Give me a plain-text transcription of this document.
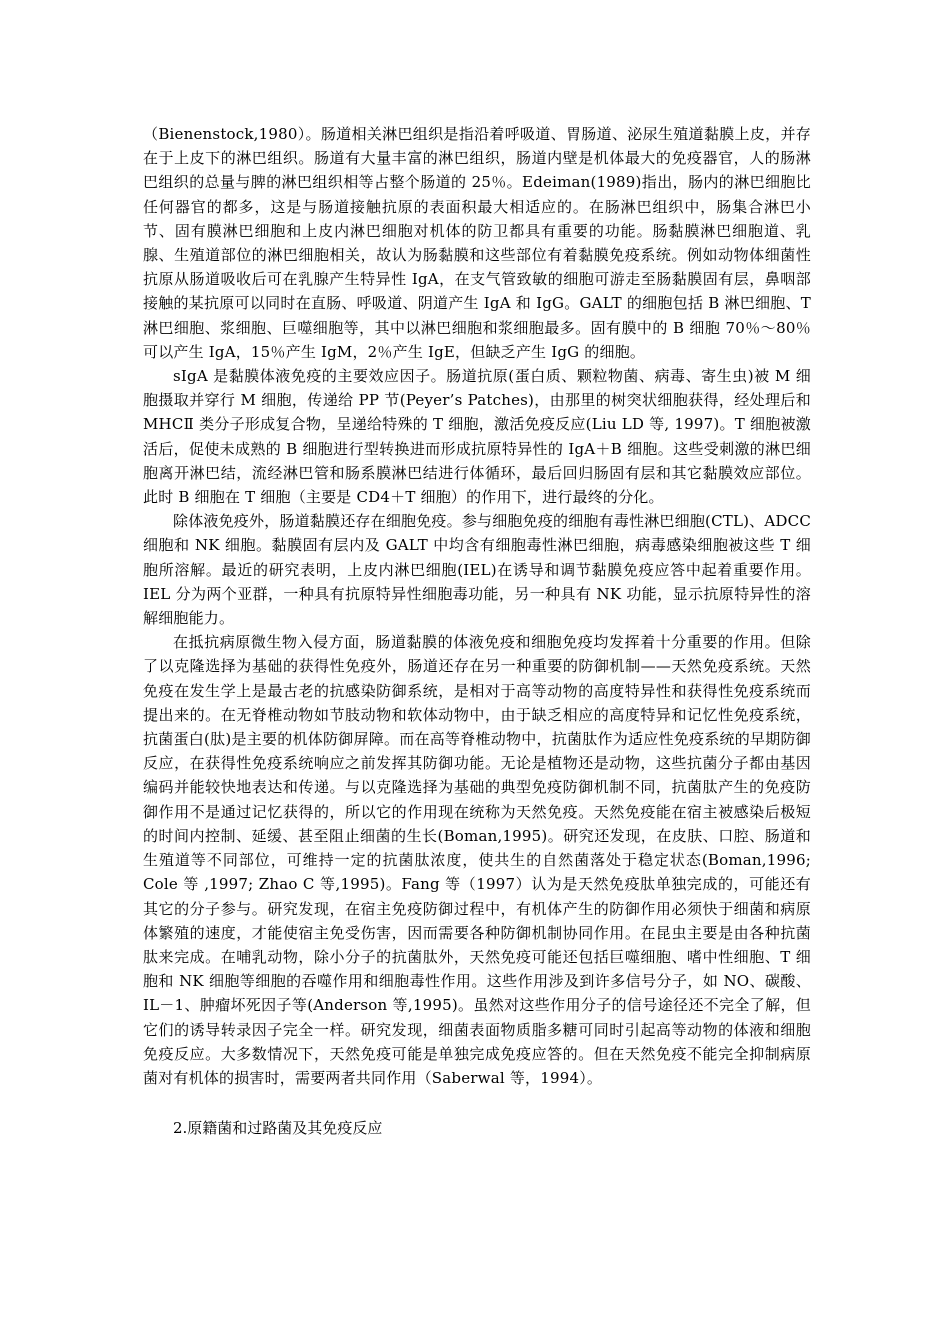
（Bienenstock,1980）。肠道相关淋巴组织是指沿着呼吸道、胃肠道、泌尿生殖道黏膜上皮，并存在于上皮下的淋巴组织。肠道有大量丰富的淋巴组织，肠道内壁是机体最大的免疫器官，人的肠淋巴组织的总量与脾的淋巴组织相等占整个肠道的 25％。Edeiman(1989)指出，肠内的淋巴细胞比任何器官的都多，这是与肠道接触抗原的表面积最大相适应的。在肠淋巴组织中，肠集合淋巴小节、固有膜淋巴细胞和上皮内淋巴细胞对机体的防卫都具有重要的功能。肠黏膜淋巴细胞道、乳腺、生殖道部位的淋巴细胞相关，故认为肠黏膜和这些部位有着黏膜免疫系统。例如动物体细菌性抗原从肠道吸收后可在乳腺产生特异性 IgA，在支气管致敏的细胞可游走至肠黏膜固有层，鼻咽部接触的某抗原可以同时在直肠、呼吸道、阴道产生 IgA 和 IgG。GALT 的细胞包括 B 淋巴细胞、T 淋巴细胞、浆细胞、巨噬细胞等，其中以淋巴细胞和浆细胞最多。固有膜中的 B 细胞 70％～80％可以产生 IgA，15％产生 IgM，2％产生 IgE，但缺乏产生 IgG 的细胞。

sIgA 是黏膜体液免疫的主要效应因子。肠道抗原(蛋白质、颗粒物菌、病毒、寄生虫)被 M 细胞摄取并穿行 M 细胞，传递给 PP 节(Peyer’s Patches)，由那里的树突状细胞获得，经处理后和 MHCⅡ 类分子形成复合物，呈递给特殊的 T 细胞，激活免疫反应(Liu LD 等, 1997)。T 细胞被激活后，促使未成熟的 B 细胞进行型转换进而形成抗原特异性的 IgA＋B 细胞。这些受刺激的淋巴细胞离开淋巴结，流经淋巴管和肠系膜淋巴结进行体循环，最后回归肠固有层和其它黏膜效应部位。此时 B 细胞在 T 细胞（主要是 CD4＋T 细胞）的作用下，进行最终的分化。

除体液免疫外，肠道黏膜还存在细胞免疫。参与细胞免疫的细胞有毒性淋巴细胞(CTL)、ADCC 细胞和 NK 细胞。黏膜固有层内及 GALT 中均含有细胞毒性淋巴细胞，病毒感染细胞被这些 T 细胞所溶解。最近的研究表明，上皮内淋巴细胞(IEL)在诱导和调节黏膜免疫应答中起着重要作用。IEL 分为两个亚群，一种具有抗原特异性细胞毒功能，另一种具有 NK 功能，显示抗原特异性的溶解细胞能力。

在抵抗病原微生物入侵方面，肠道黏膜的体液免疫和细胞免疫均发挥着十分重要的作用。但除了以克隆选择为基础的获得性免疫外，肠道还存在另一种重要的防御机制——天然免疫系统。天然免疫在发生学上是最古老的抗感染防御系统，是相对于高等动物的高度特异性和获得性免疫系统而提出来的。在无脊椎动物如节肢动物和软体动物中，由于缺乏相应的高度特异和记忆性免疫系统，抗菌蛋白(肽)是主要的机体防御屏障。而在高等脊椎动物中，抗菌肽作为适应性免疫系统的早期防御反应，在获得性免疫系统响应之前发挥其防御功能。无论是植物还是动物，这些抗菌分子都由基因编码并能较快地表达和传递。与以克隆选择为基础的典型免疫防御机制不同，抗菌肽产生的免疫防御作用不是通过记忆获得的，所以它的作用现在统称为天然免疫。天然免疫能在宿主被感染后极短的时间内控制、延缓、甚至阻止细菌的生长(Boman,1995)。研究还发现，在皮肤、口腔、肠道和生殖道等不同部位，可维持一定的抗菌肽浓度，使共生的自然菌落处于稳定状态(Boman,1996; Cole 等 ,1997; Zhao C 等,1995)。Fang 等（1997）认为是天然免疫肽单独完成的，可能还有其它的分子参与。研究发现，在宿主免疫防御过程中，有机体产生的防御作用必须快于细菌和病原体繁殖的速度，才能使宿主免受伤害，因而需要各种防御机制协同作用。在昆虫主要是由各种抗菌肽来完成。在哺乳动物，除小分子的抗菌肽外，天然免疫可能还包括巨噬细胞、嗜中性细胞、T 细胞和 NK 细胞等细胞的吞噬作用和细胞毒性作用。这些作用涉及到许多信号分子，如 NO、碳酸、IL－1、肿瘤坏死因子等(Anderson 等,1995)。虽然对这些作用分子的信号途径还不完全了解，但它们的诱导转录因子完全一样。研究发现，细菌表面物质脂多糖可同时引起高等动物的体液和细胞免疫反应。大多数情况下，天然免疫可能是单独完成免疫应答的。但在天然免疫不能完全抑制病原菌对有机体的损害时，需要两者共同作用（Saberwal 等，1994）。

2.原籍菌和过路菌及其免疫反应
